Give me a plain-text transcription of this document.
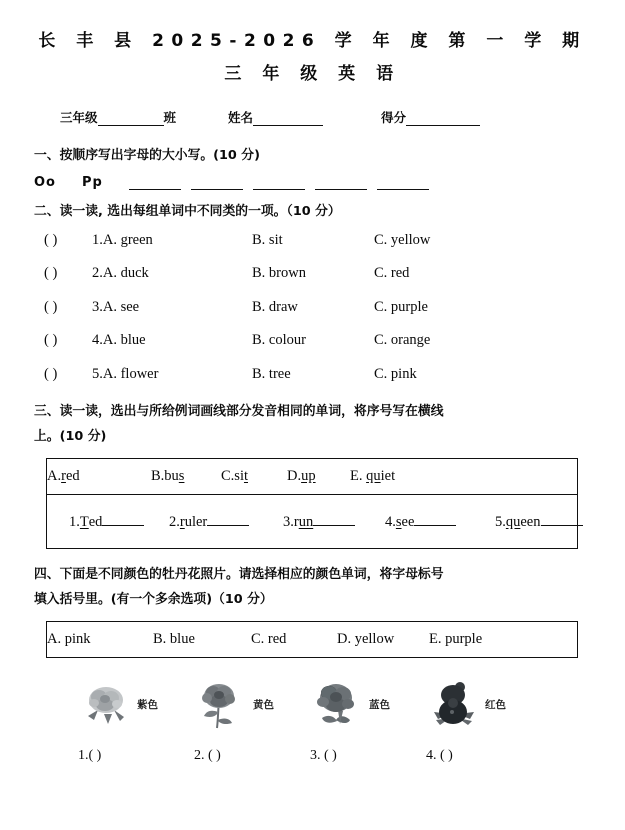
长 丰 县 2025-2026 学 年 度 第 一 学 期
三 年 级 英 语
三年级	班	姓名	得分
一、按顺序写出字母的大小写。(10 分)
Oo Pp
二、读一读, 选出每组单词中不同类的一项。（10 分）
( )	1.A. green	B. sit	C. yellow
( )	2.A. duck	B. brown	C. red
( )	3.A. see	B. draw	C. purple
( )	4.A. blue	B. colour	C. orange
( )	5.A. flower	B. tree	C. pink
三、读一读，选出与所给例词画线部分发音相同的单词，将序号写在横线
上。(10 分)
A.red	B.bus	C.sit	D.up	E. quiet
1. T ed	2. r uler	3. r un	4. s ee	5. qu een
四、下面是不同颜色的牡丹花照片。请选择相应的颜色单词，将字母标号
填入括号里。(有一个多余选项)（10 分）
A. pink	B. blue	C. red	D. yellow	E. purple
紫色	黄色	蓝色	红色
1.( )	2. ( )	3. ( )	4. ( )
